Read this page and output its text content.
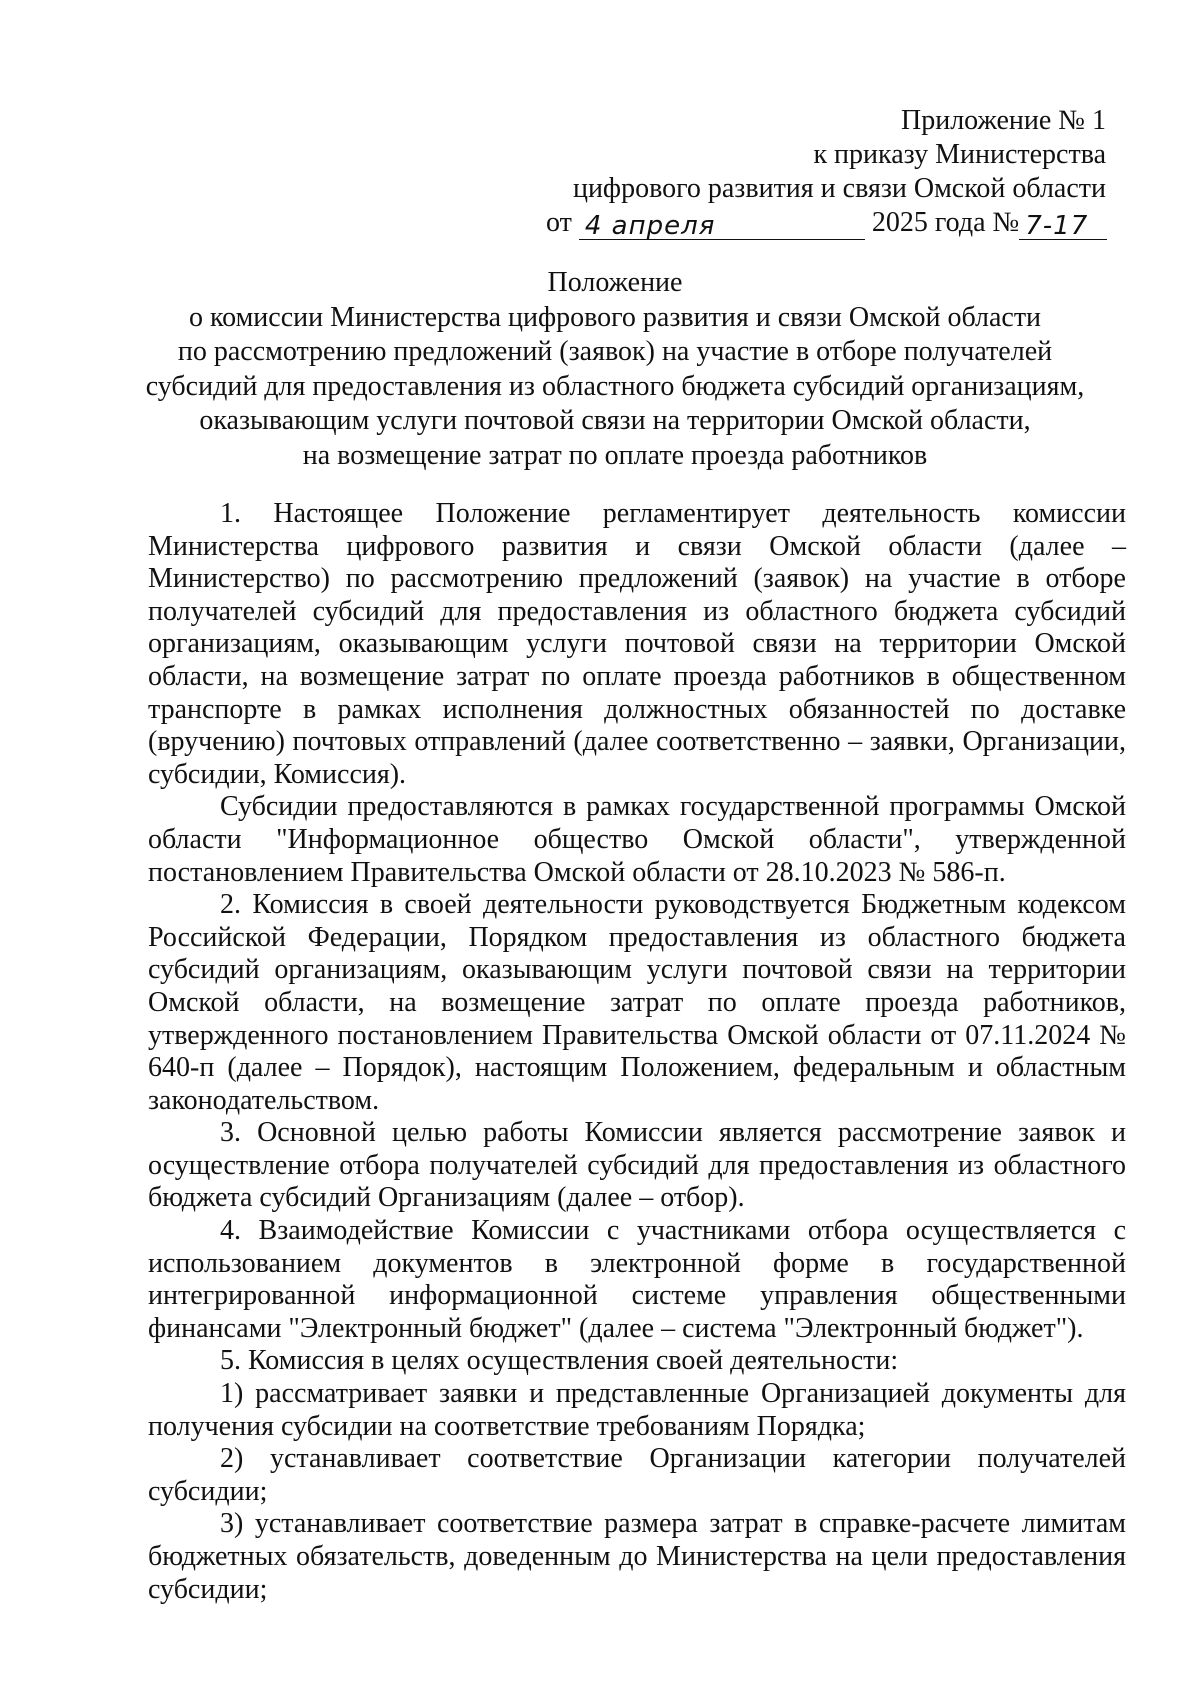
Приложение № 1
к приказу Министерства
цифрового развития и связи Омской области
от 4 апреля	2025 года № 7-17
Положение
о комиссии Министерства цифрового развития и связи Омской области
по рассмотрению предложений (заявок) на участие в отборе получателей
субсидий для предоставления из областного бюджета субсидий организациям,
оказывающим услуги почтовой связи на территории Омской области,
на возмещение затрат по оплате проезда работников

1. Настоящее Положение регламентирует деятельность комиссии Министерства цифрового развития и связи Омской области (далее – Министерство) по рассмотрению предложений (заявок) на участие в отборе получателей субсидий для предоставления из областного бюджета субсидий организациям, оказывающим услуги почтовой связи на территории Омской области, на возмещение затрат по оплате проезда работников в общественном транспорте в рамках исполнения должностных обязанностей по доставке (вручению) почтовых отправлений (далее соответственно – заявки, Организации, субсидии, Комиссия).

Субсидии предоставляются в рамках государственной программы Омской области "Информационное общество Омской области", утвержденной постановлением Правительства Омской области от 28.10.2023 № 586-п.

2. Комиссия в своей деятельности руководствуется Бюджетным кодексом Российской Федерации, Порядком предоставления из областного бюджета субсидий организациям, оказывающим услуги почтовой связи на территории Омской области, на возмещение затрат по оплате проезда работников, утвержденного постановлением Правительства Омской области от 07.11.2024 № 640-п (далее – Порядок), настоящим Положением, федеральным и областным законодательством.

3. Основной целью работы Комиссии является рассмотрение заявок и осуществление отбора получателей субсидий для предоставления из областного бюджета субсидий Организациям (далее – отбор).

4. Взаимодействие Комиссии с участниками отбора осуществляется с использованием документов в электронной форме в государственной интегрированной информационной системе управления общественными финансами "Электронный бюджет" (далее – система "Электронный бюджет").

5. Комиссия в целях осуществления своей деятельности:

1) рассматривает заявки и представленные Организацией документы для получения субсидии на соответствие требованиям Порядка;

2) устанавливает соответствие Организации категории получателей субсидии;

3) устанавливает соответствие размера затрат в справке-расчете лимитам бюджетных обязательств, доведенным до Министерства на цели предоставления субсидии;
